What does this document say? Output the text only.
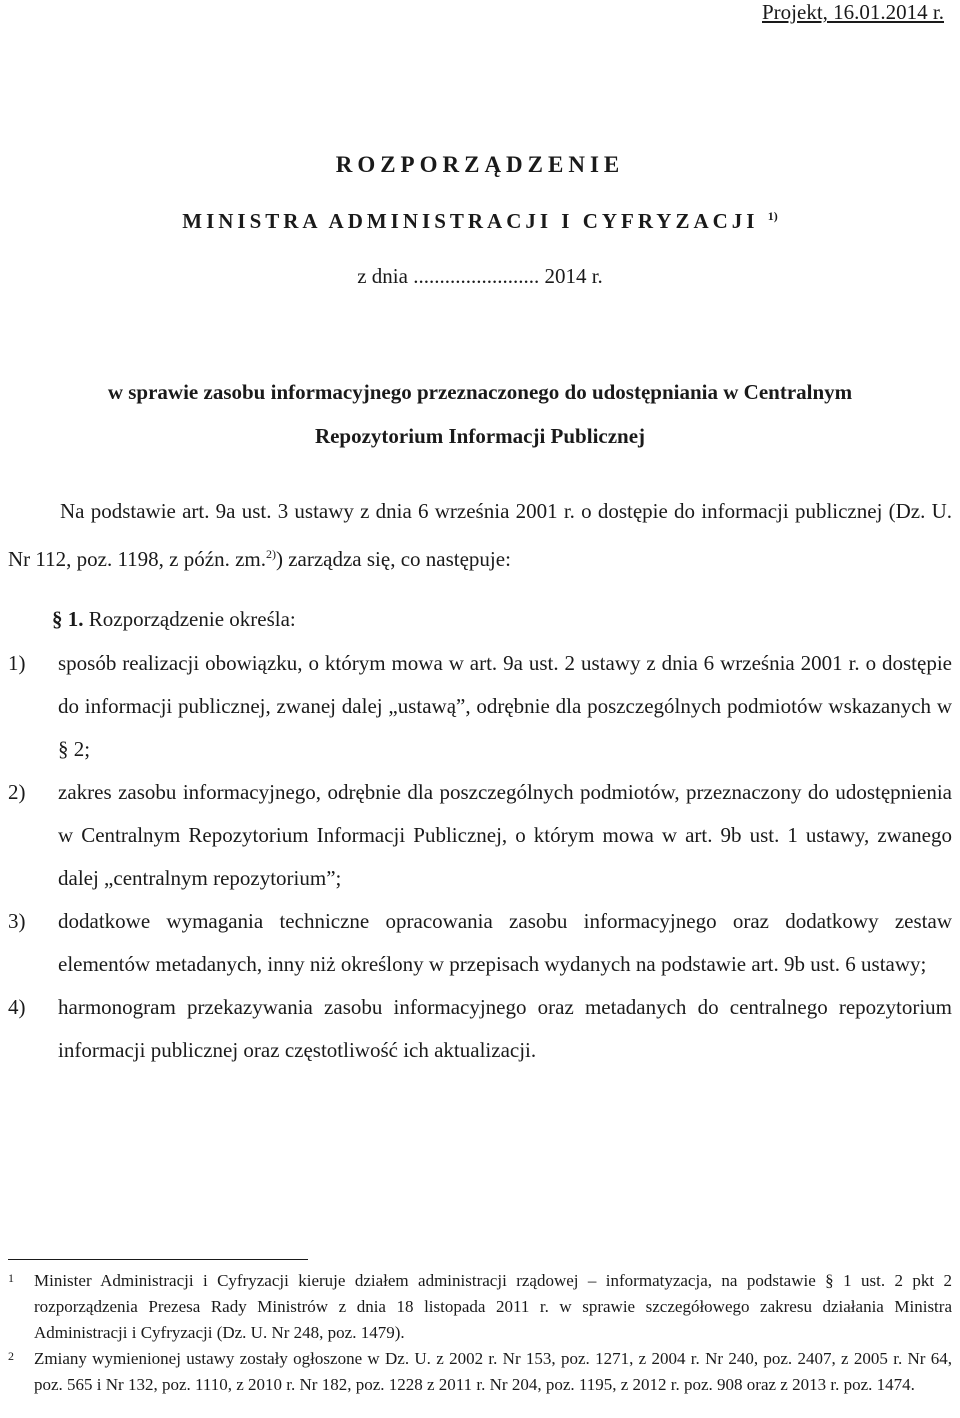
Projekt, 16.01.2014 r.
ROZPORZĄDZENIE
MINISTRA ADMINISTRACJI I CYFRYZACJI $^{1)}$
z dnia ........................ 2014 r.
w sprawie zasobu informacyjnego przeznaczonego do udostępniania w Centralnym
Repozytorium Informacji Publicznej
Na podstawie art. 9a ust. 3 ustawy z dnia 6 września 2001 r. o dostępie do informacji publicznej (Dz. U. Nr 112, poz. 1198, z późn. zm.$^{2)}$) zarządza się, co następuje:
§ 1. Rozporządzenie określa:
1)	sposób realizacji obowiązku, o którym mowa w art. 9a ust. 2 ustawy z dnia 6 września 2001 r. o dostępie do informacji publicznej, zwanej dalej „ustawą”, odrębnie dla poszczególnych podmiotów wskazanych w § 2;
2)	zakres zasobu informacyjnego, odrębnie dla poszczególnych podmiotów, przeznaczony do udostępnienia w Centralnym Repozytorium Informacji Publicznej, o którym mowa w art. 9b ust. 1 ustawy, zwanego dalej „centralnym repozytorium”;
3)	dodatkowe wymagania techniczne opracowania zasobu informacyjnego oraz dodatkowy zestaw elementów metadanych, inny niż określony w przepisach wydanych na podstawie art. 9b ust. 6 ustawy;
4)	harmonogram przekazywania zasobu informacyjnego oraz metadanych do centralnego repozytorium informacji publicznej oraz częstotliwość ich aktualizacji.
1	Minister Administracji i Cyfryzacji kieruje działem administracji rządowej – informatyzacja, na podstawie § 1 ust. 2 pkt 2 rozporządzenia Prezesa Rady Ministrów z dnia 18 listopada 2011 r. w sprawie szczegółowego zakresu działania Ministra Administracji i Cyfryzacji (Dz. U. Nr 248, poz. 1479).
2	Zmiany wymienionej ustawy zostały ogłoszone w Dz. U. z 2002 r. Nr 153, poz. 1271, z 2004 r. Nr 240, poz. 2407, z 2005 r. Nr 64, poz. 565 i Nr 132, poz. 1110, z 2010 r. Nr 182, poz. 1228 z 2011 r. Nr 204, poz. 1195, z 2012 r. poz. 908 oraz z 2013 r. poz. 1474.
